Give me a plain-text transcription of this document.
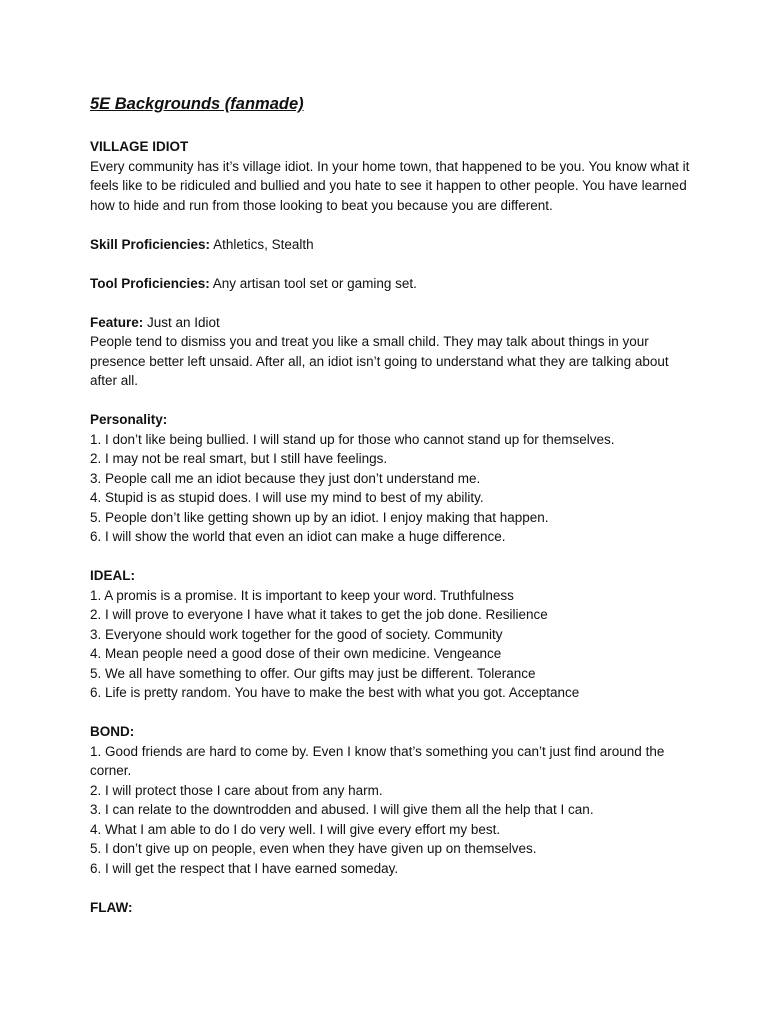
5E Backgrounds (fanmade)
VILLAGE IDIOT

Every community has it’s village idiot. In your home town, that happened to be you. You know what it feels like to be ridiculed and bullied and you hate to see it happen to other people. You have learned how to hide and run from those looking to beat you because you are different.

Skill Proficiencies: Athletics, Stealth

Tool Proficiencies: Any artisan tool set or gaming set.

Feature: Just an Idiot

People tend to dismiss you and treat you like a small child. They may talk about things in your presence better left unsaid. After all, an idiot isn’t going to understand what they are talking about after all.

Personality:
1. I don’t like being bullied. I will stand up for those who cannot stand up for themselves.
2. I may not be real smart, but I still have feelings.
3. People call me an idiot because they just don’t understand me.
4. Stupid is as stupid does. I will use my mind to best of my ability.
5. People don’t like getting shown up by an idiot. I enjoy making that happen.
6. I will show the world that even an idiot can make a huge difference.
IDEAL:
1. A promis is a promise. It is important to keep your word. Truthfulness
2. I will prove to everyone I have what it takes to get the job done. Resilience
3. Everyone should work together for the good of society. Community
4. Mean people need a good dose of their own medicine. Vengeance
5. We all have something to offer. Our gifts may just be different. Tolerance
6. Life is pretty random. You have to make the best with what you got. Acceptance
BOND:
1. Good friends are hard to come by. Even I know that’s something you can’t just find around the corner.
2. I will protect those I care about from any harm.
3. I can relate to the downtrodden and abused. I will give them all the help that I can.
4. What I am able to do I do very well. I will give every effort my best.
5. I don’t give up on people, even when they have given up on themselves.
6. I will get the respect that I have earned someday.
FLAW:
